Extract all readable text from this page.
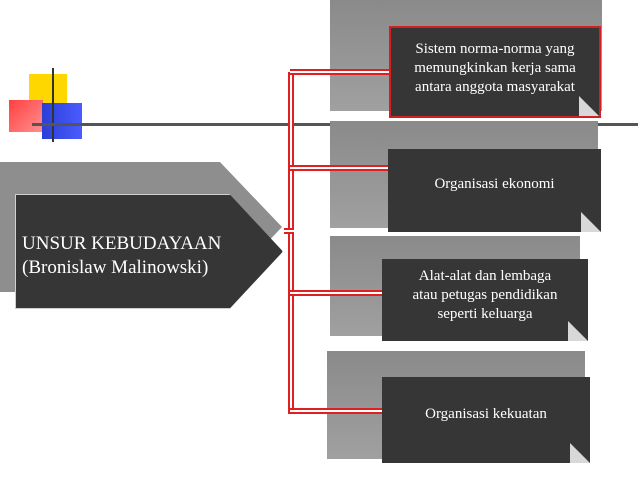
UNSUR KEBUDAYAAN
(Bronislaw Malinowski)
Sistem norma-norma yang
memungkinkan kerja sama
antara anggota masyarakat
Organisasi ekonomi
Alat-alat dan lembaga
atau petugas pendidikan
seperti keluarga
Organisasi kekuatan
